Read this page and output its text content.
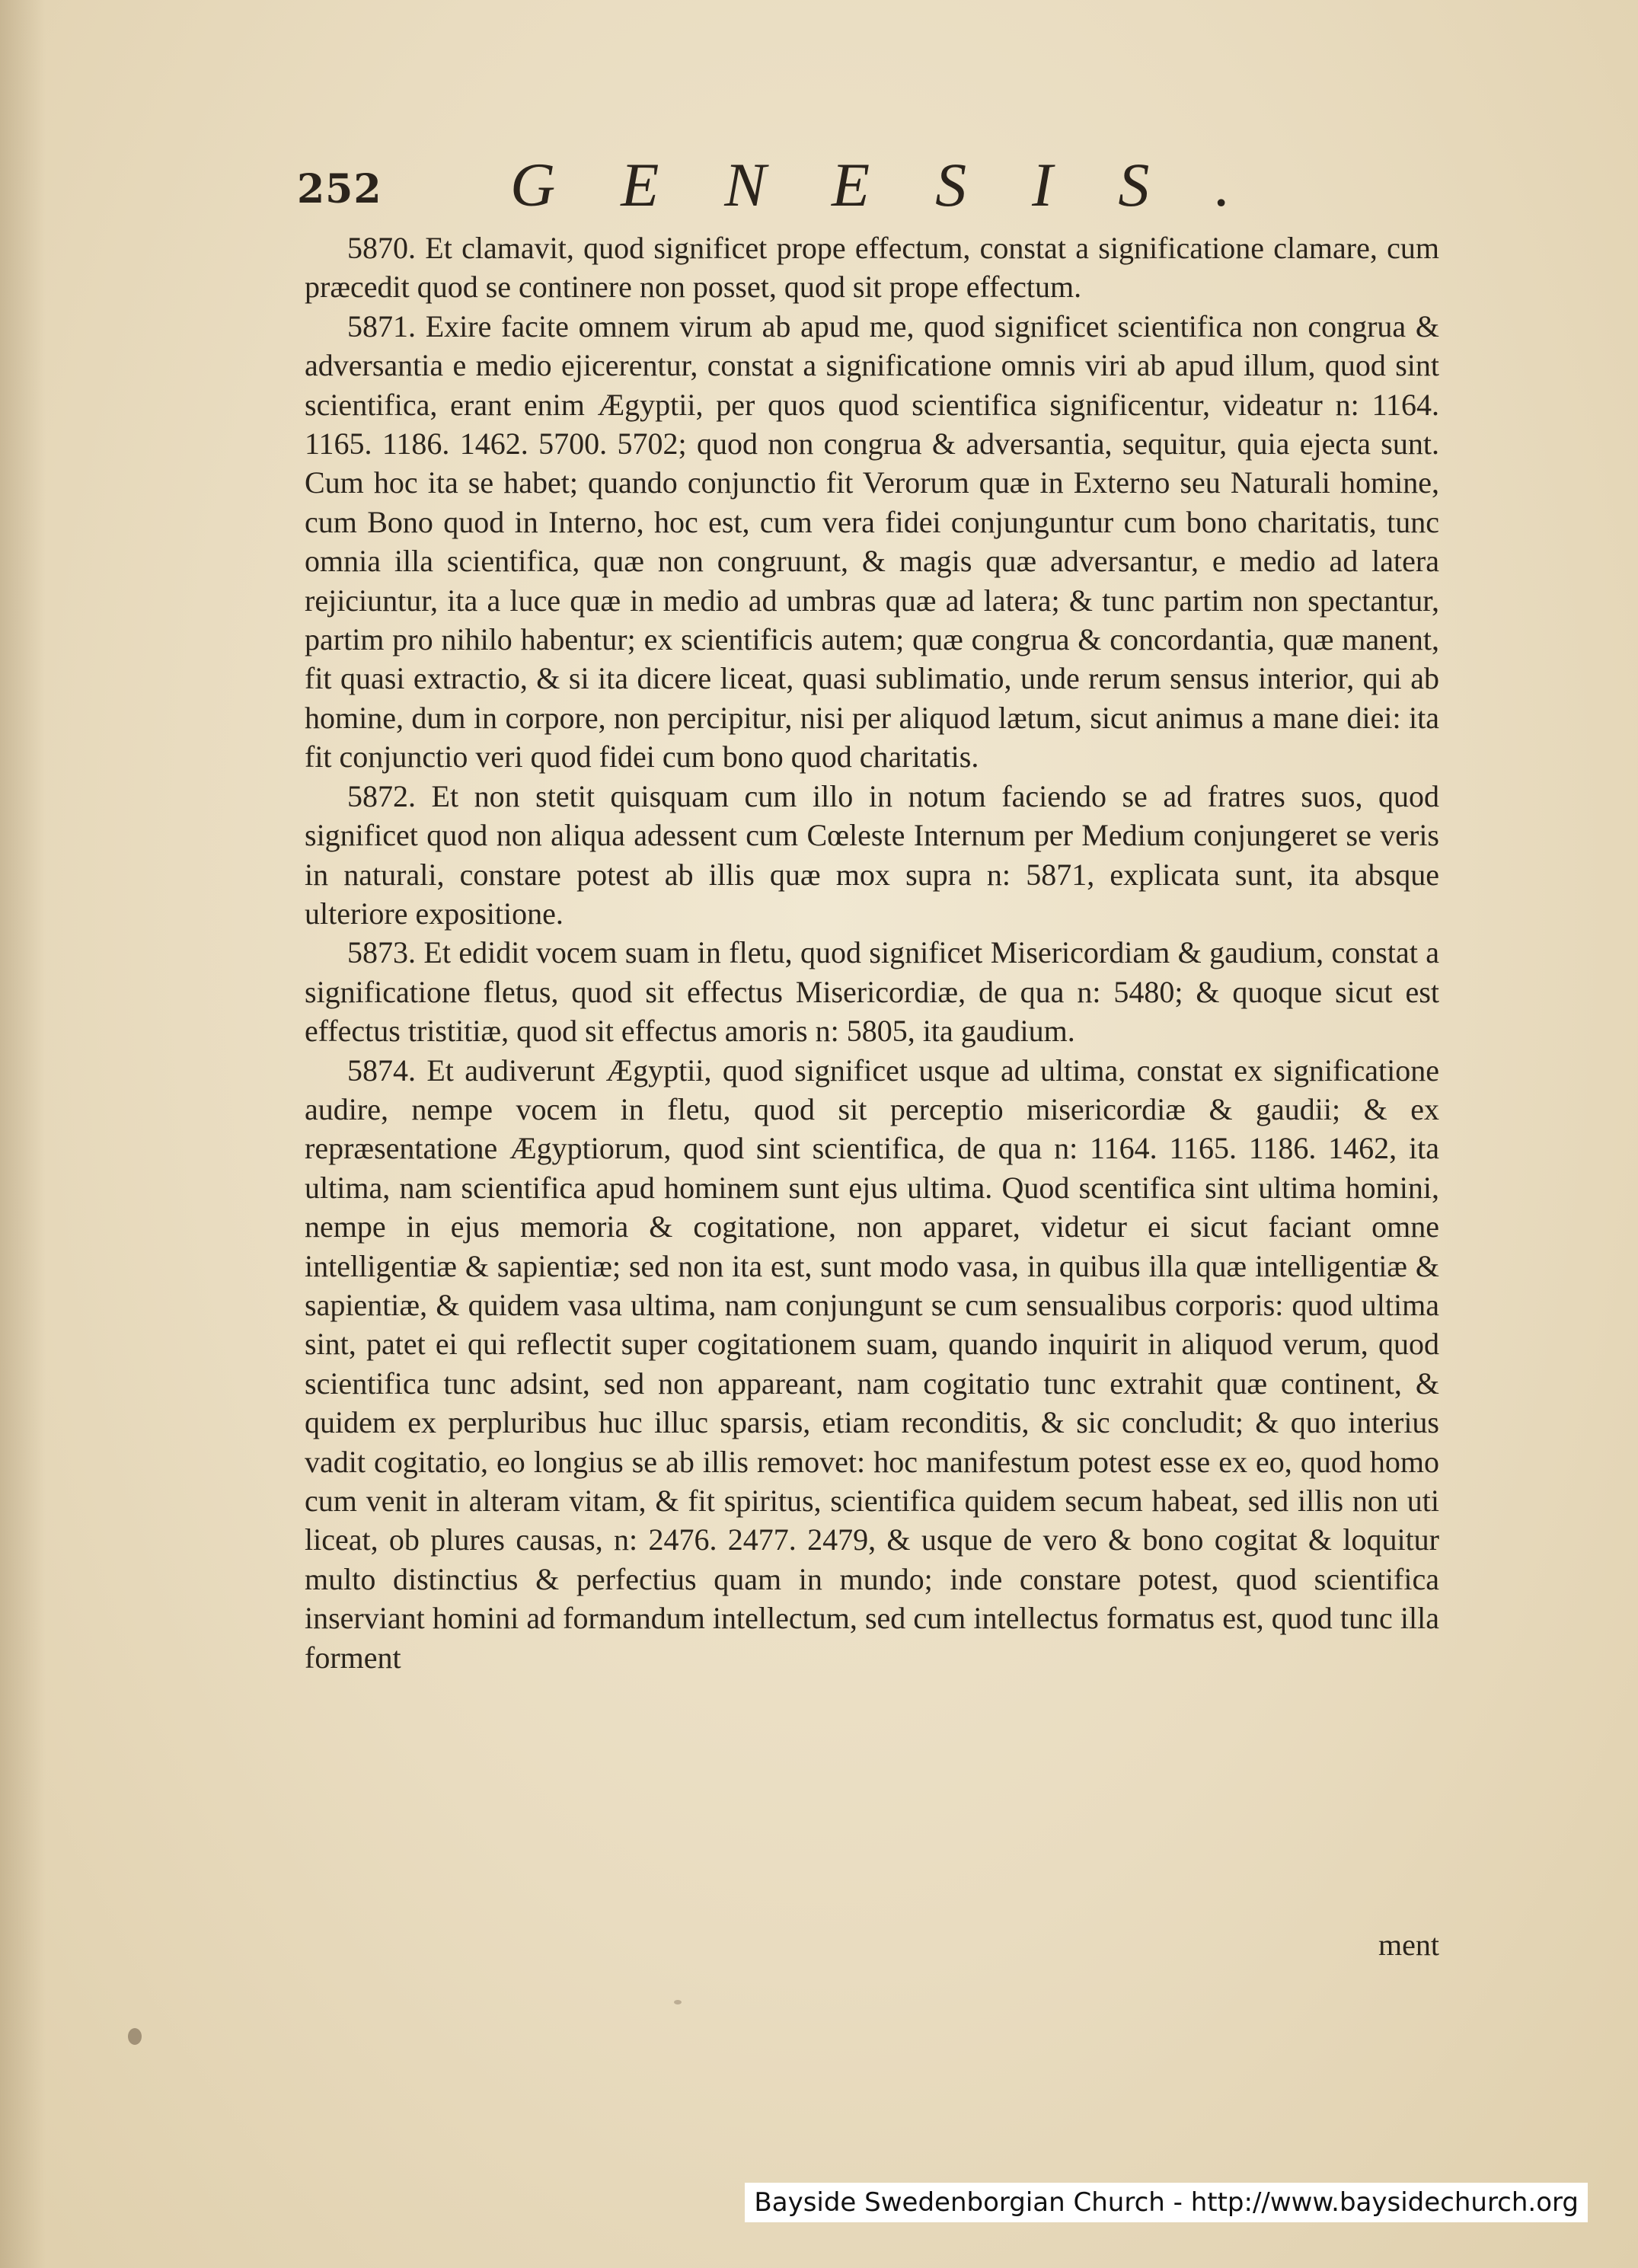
252 GENESIS.

5870. Et clamavit, quod significet prope effectum, constat a significatione clamare, cum præcedit quod se continere non posset, quod sit prope effectum.

5871. Exire facite omnem virum ab apud me, quod significet scientifica non congrua & adversantia e medio ejicerentur, constat a significatione omnis viri ab apud illum, quod sint scientifica, erant enim Ægyptii, per quos quod scientifica significentur, videatur n: 1164. 1165. 1186. 1462. 5700. 5702; quod non congrua & adversantia, sequitur, quia ejecta sunt. Cum hoc ita se habet; quando conjunctio fit Verorum quæ in Externo seu Naturali homine, cum Bono quod in Interno, hoc est, cum vera fidei conjunguntur cum bono charitatis, tunc omnia illa scientifica, quæ non congruunt, & magis quæ adversantur, e medio ad latera rejiciuntur, ita a luce quæ in medio ad umbras quæ ad latera; & tunc partim non spectantur, partim pro nihilo habentur; ex scientificis autem; quæ congrua & concordantia, quæ manent, fit quasi extractio, & si ita dicere liceat, quasi sublimatio, unde rerum sensus interior, qui ab homine, dum in corpore, non percipitur, nisi per aliquod lætum, sicut animus a mane diei: ita fit conjunctio veri quod fidei cum bono quod charitatis.

5872. Et non stetit quisquam cum illo in notum faciendo se ad fratres suos, quod significet quod non aliqua adessent cum Cœleste Internum per Medium conjungeret se veris in naturali, constare potest ab illis quæ mox supra n: 5871, explicata sunt, ita absque ulteriore expositione.

5873. Et edidit vocem suam in fletu, quod significet Misericordiam & gaudium, constat a significatione fletus, quod sit effectus Misericordiæ, de qua n: 5480; & quoque sicut est effectus tristitiæ, quod sit effectus amoris n: 5805, ita gaudium.

5874. Et audiverunt Ægyptii, quod significet usque ad ultima, constat ex significatione audire, nempe vocem in fletu, quod sit perceptio misericordiæ & gaudii; & ex repræsentatione Ægyptiorum, quod sint scientifica, de qua n: 1164. 1165. 1186. 1462, ita ultima, nam scientifica apud hominem sunt ejus ultima. Quod scentifica sint ultima homini, nempe in ejus memoria & cogitatione, non apparet, videtur ei sicut faciant omne intelligentiæ & sapientiæ; sed non ita est, sunt modo vasa, in quibus illa quæ intelligentiæ & sapientiæ, & quidem vasa ultima, nam conjungunt se cum sensualibus corporis: quod ultima sint, patet ei qui reflectit super cogitationem suam, quando inquirit in aliquod verum, quod scientifica tunc adsint, sed non appareant, nam cogitatio tunc extrahit quæ continent, & quidem ex perpluribus huc illuc sparsis, etiam reconditis, & sic concludit; & quo interius vadit cogitatio, eo longius se ab illis removet: hoc manifestum potest esse ex eo, quod homo cum venit in alteram vitam, & fit spiritus, scientifica quidem secum habeat, sed illis non uti liceat, ob plures causas, n: 2476. 2477. 2479, & usque de vero & bono cogitat & loquitur multo distinctius & perfectius quam in mundo; inde constare potest, quod scientifica inserviant homini ad formandum intellectum, sed cum intellectus formatus est, quod tunc illa forment

ment
Bayside Swedenborgian Church - http://www.baysidechurch.org
